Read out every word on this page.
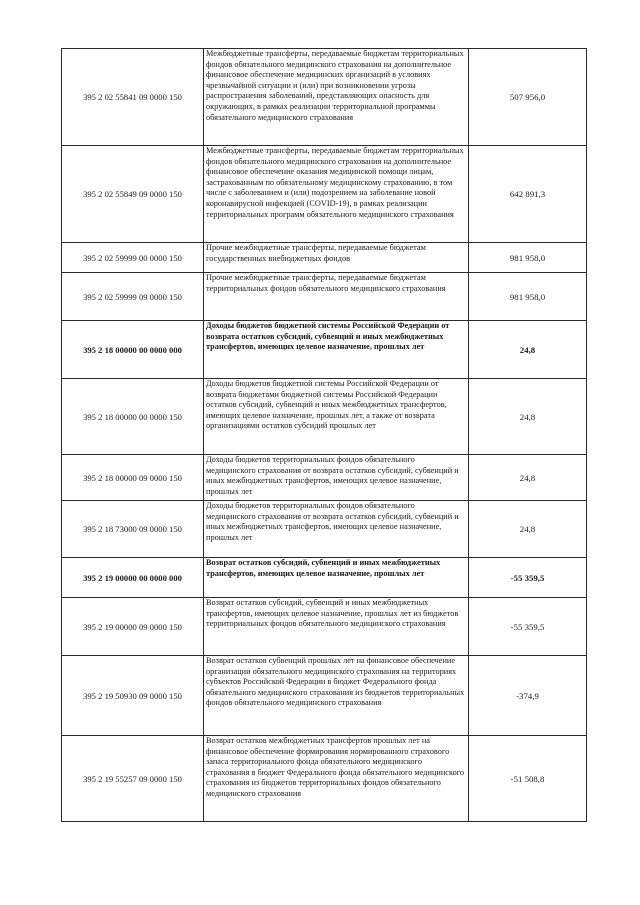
395 2 02 55841 09 0000 150	Межбюджетные трансферты, передаваемые бюджетам территориальных фондов обязательного медицинского страхования на дополнительное финансовое обеспечение медицинских организаций в условиях чрезвычайной ситуации и (или) при возникновении угрозы распространения заболеваний, представляющих опасность для окружающих, в рамках реализации территориальной программы обязательного медицинского страхования	507 956,0
395 2 02 55849 09 0000 150	Межбюджетные трансферты, передаваемые бюджетам территориальных фондов обязательного медицинского страхования на дополнительное финансовое обеспечение оказания медицинской помощи лицам, застрахованным по обязательному медицинскому страхованию, в том числе с заболеванием и (или) подозрением на заболевание новой коронавирусной инфекцией (COVID-19), в рамках реализации территориальных программ обязательного медицинского страхования	642 891,3
395 2 02 59999 00 0000 150	Прочие межбюджетные трансферты, передаваемые бюджетам государственных внебюджетных фондов	981 958,0
395 2 02 59999 09 0000 150	Прочие межбюджетные трансферты, передаваемые бюджетам территориальных фондов обязательного медицинского страхования	981 958,0
395 2 18 00000 00 0000 000	Доходы бюджетов бюджетной системы Российской Федерации от возврата остатков субсидий, субвенций и иных межбюджетных трансфертов, имеющих целевое назначение, прошлых лет	24,8
395 2 18 00000 00 0000 150	Доходы бюджетов бюджетной системы Российской Федерации от возврата бюджетами бюджетной системы Российской Федерации остатков субсидий, субвенций и иных межбюджетных трансфертов, имеющих целевое назначение, прошлых лет, а также от возврата организациями остатков субсидий прошлых лет	24,8
395 2 18 00000 09 0000 150	Доходы бюджетов территориальных фондов обязательного медицинского страхования от возврата остатков субсидий, субвенций и иных межбюджетных трансфертов, имеющих целевое назначение, прошлых лет	24,8
395 2 18 73000 09 0000 150	Доходы бюджетов территориальных фондов обязательного медицинского страхования от возврата остатков субсидий, субвенций и иных межбюджетных трансфертов, имеющих целевое назначение, прошлых лет	24,8
395 2 19 00000 00 0000 000	Возврат остатков субсидий, субвенций и иных межбюджетных трансфертов, имеющих целевое назначение, прошлых лет	-55 359,5
395 2 19 00000 09 0000 150	Возврат остатков субсидий, субвенций и иных межбюджетных трансфертов, имеющих целевое назначение, прошлых лет из бюджетов территориальных фондов обязательного медицинского страхования	-55 359,5
395 2 19 50930 09 0000 150	Возврат остатков субвенций прошлых лет на финансовое обеспечение организации обязательного медицинского страхования на территориях субъектов Российской Федерации в бюджет Федерального фонда обязательного медицинского страхования из бюджетов территориальных фондов обязательного медицинского страхования	-374,9
395 2 19 55257 09 0000 150	Возврат остатков межбюджетных трансфертов прошлых лет на финансовое обеспечение формирования нормированного страхового запаса территориального фонда обязательного медицинского страхования в бюджет Федерального фонда обязательного медицинского страхования из бюджетов территориальных фондов обязательного медицинского страхования	-51 508,8
